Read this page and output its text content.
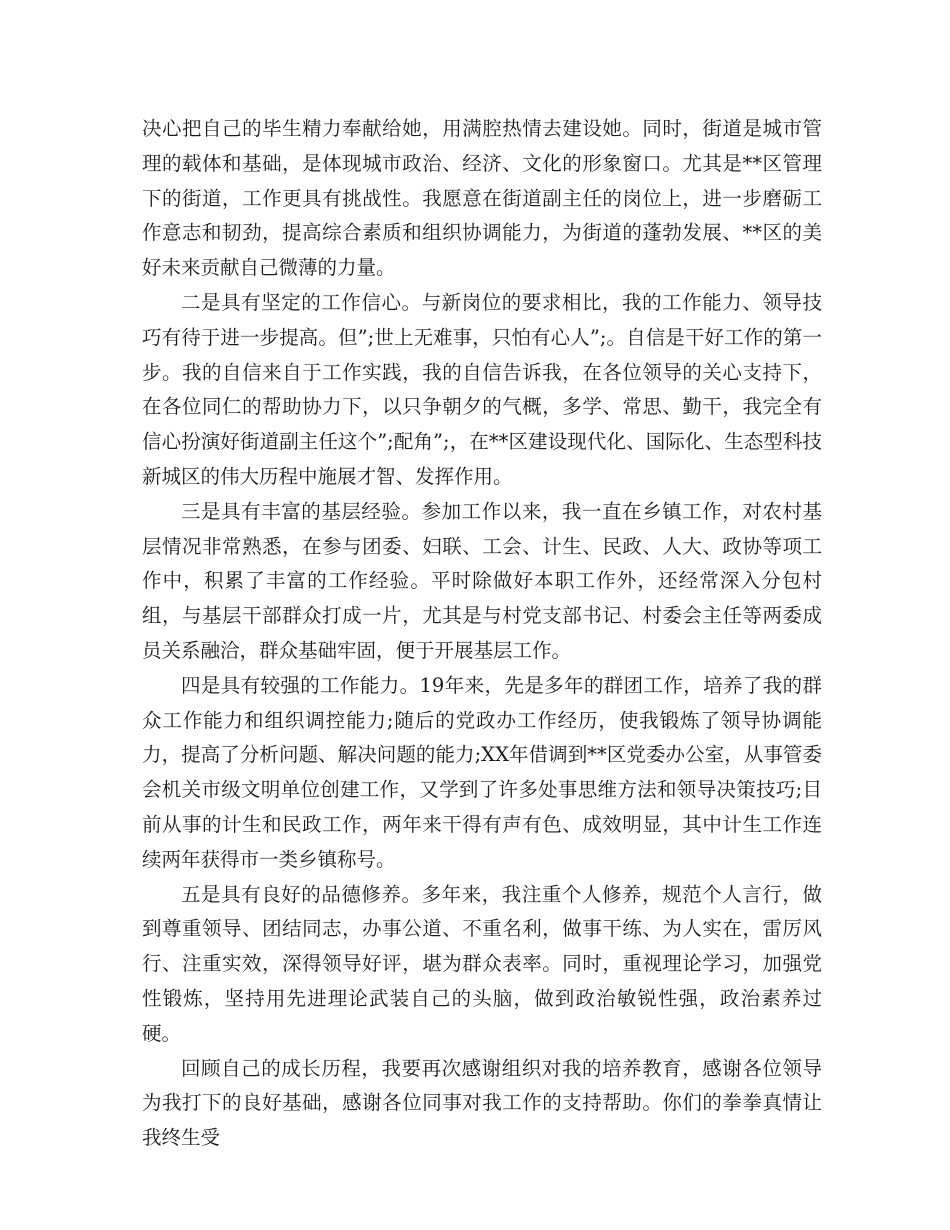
决心把自己的毕生精力奉献给她，用满腔热情去建设她。同时，街道是城市管理的载体和基础，是体现城市政治、经济、文化的形象窗口。尤其是**区管理下的街道，工作更具有挑战性。我愿意在街道副主任的岗位上，进一步磨砺工作意志和韧劲，提高综合素质和组织协调能力，为街道的蓬勃发展、**区的美好未来贡献自己微薄的力量。

二是具有坚定的工作信心。与新岗位的要求相比，我的工作能力、领导技巧有待于进一步提高。但”;世上无难事，只怕有心人”;。自信是干好工作的第一步。我的自信来自于工作实践，我的自信告诉我，在各位领导的关心支持下，在各位同仁的帮助协力下，以只争朝夕的气概，多学、常思、勤干，我完全有信心扮演好街道副主任这个”;配角”;，在**区建设现代化、国际化、生态型科技新城区的伟大历程中施展才智、发挥作用。

三是具有丰富的基层经验。参加工作以来，我一直在乡镇工作，对农村基层情况非常熟悉，在参与团委、妇联、工会、计生、民政、人大、政协等项工作中，积累了丰富的工作经验。平时除做好本职工作外，还经常深入分包村组，与基层干部群众打成一片，尤其是与村党支部书记、村委会主任等两委成员关系融洽，群众基础牢固，便于开展基层工作。

四是具有较强的工作能力。19年来，先是多年的群团工作，培养了我的群众工作能力和组织调控能力;随后的党政办工作经历，使我锻炼了领导协调能力，提高了分析问题、解决问题的能力;XX年借调到**区党委办公室，从事管委会机关市级文明单位创建工作，又学到了许多处事思维方法和领导决策技巧;目前从事的计生和民政工作，两年来干得有声有色、成效明显，其中计生工作连续两年获得市一类乡镇称号。

五是具有良好的品德修养。多年来，我注重个人修养，规范个人言行，做到尊重领导、团结同志，办事公道、不重名利，做事干练、为人实在，雷厉风行、注重实效，深得领导好评，堪为群众表率。同时，重视理论学习，加强党性锻炼，坚持用先进理论武装自己的头脑，做到政治敏锐性强，政治素养过硬。

回顾自己的成长历程，我要再次感谢组织对我的培养教育，感谢各位领导为我打下的良好基础，感谢各位同事对我工作的支持帮助。你们的拳拳真情让我终生受
